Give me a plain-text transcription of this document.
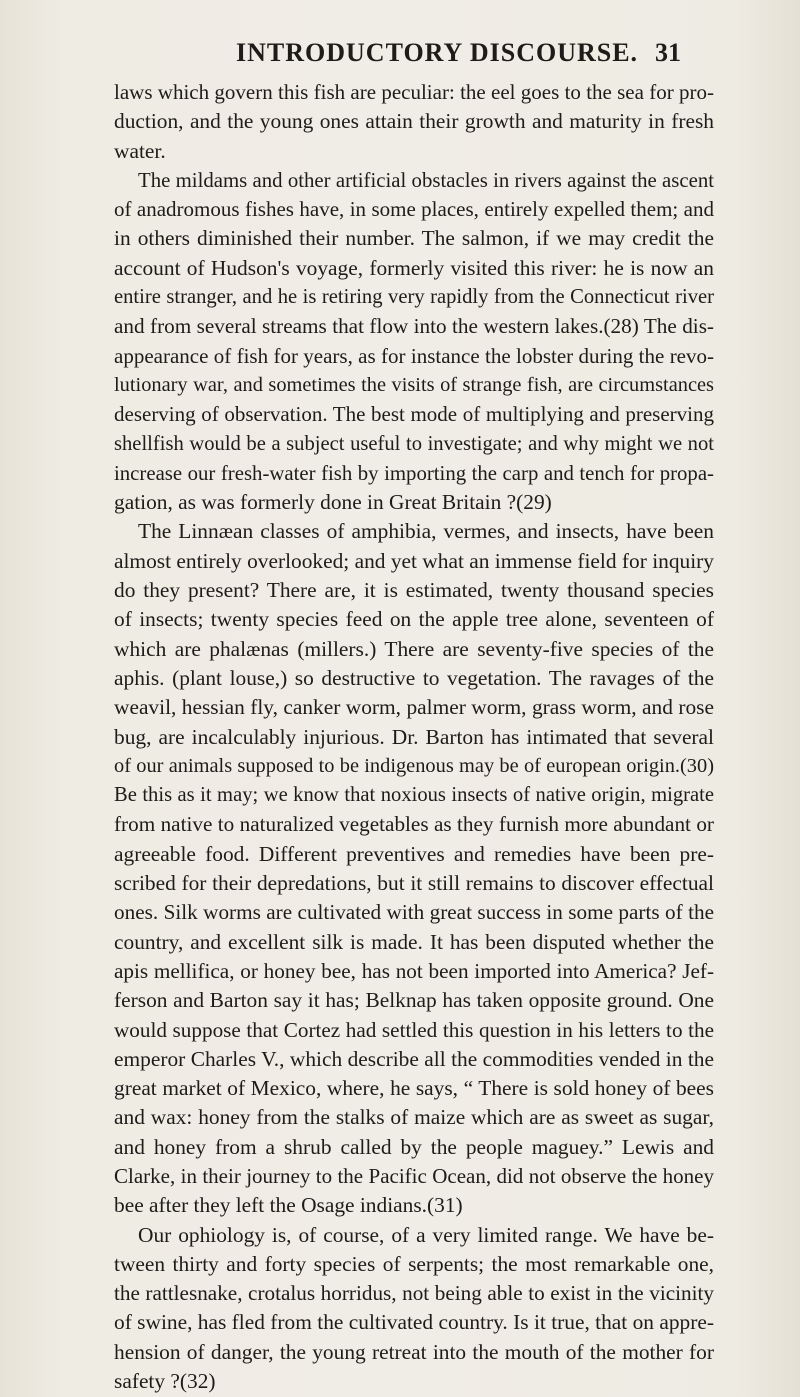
INTRODUCTORY DISCOURSE. 31
laws which govern this fish are peculiar: the eel goes to the sea for pro-
duction, and the young ones attain their growth and maturity in fresh
water.
The mildams and other artificial obstacles in rivers against the ascent
of anadromous fishes have, in some places, entirely expelled them; and
in others diminished their number. The salmon, if we may credit the
account of Hudson's voyage, formerly visited this river: he is now an
entire stranger, and he is retiring very rapidly from the Connecticut river
and from several streams that flow into the western lakes.(28) The dis-
appearance of fish for years, as for instance the lobster during the revo-
lutionary war, and sometimes the visits of strange fish, are circumstances
deserving of observation. The best mode of multiplying and preserving
shellfish would be a subject useful to investigate; and why might we not
increase our fresh-water fish by importing the carp and tench for propa-
gation, as was formerly done in Great Britain ?(29)
The Linnæan classes of amphibia, vermes, and insects, have been
almost entirely overlooked; and yet what an immense field for inquiry
do they present? There are, it is estimated, twenty thousand species
of insects; twenty species feed on the apple tree alone, seventeen of
which are phalænas (millers.) There are seventy-five species of the
aphis. (plant louse,) so destructive to vegetation. The ravages of the
weavil, hessian fly, canker worm, palmer worm, grass worm, and rose
bug, are incalculably injurious. Dr. Barton has intimated that several
of our animals supposed to be indigenous may be of european origin.(30)
Be this as it may; we know that noxious insects of native origin, migrate
from native to naturalized vegetables as they furnish more abundant or
agreeable food. Different preventives and remedies have been pre-
scribed for their depredations, but it still remains to discover effectual
ones. Silk worms are cultivated with great success in some parts of the
country, and excellent silk is made. It has been disputed whether the
apis mellifica, or honey bee, has not been imported into America? Jef-
ferson and Barton say it has; Belknap has taken opposite ground. One
would suppose that Cortez had settled this question in his letters to the
emperor Charles V., which describe all the commodities vended in the
great market of Mexico, where, he says, “ There is sold honey of bees
and wax: honey from the stalks of maize which are as sweet as sugar,
and honey from a shrub called by the people maguey.” Lewis and
Clarke, in their journey to the Pacific Ocean, did not observe the honey
bee after they left the Osage indians.(31)
Our ophiology is, of course, of a very limited range. We have be-
tween thirty and forty species of serpents; the most remarkable one,
the rattlesnake, crotalus horridus, not being able to exist in the vicinity
of swine, has fled from the cultivated country. Is it true, that on appre-
hension of danger, the young retreat into the mouth of the mother for
safety ?(32)
